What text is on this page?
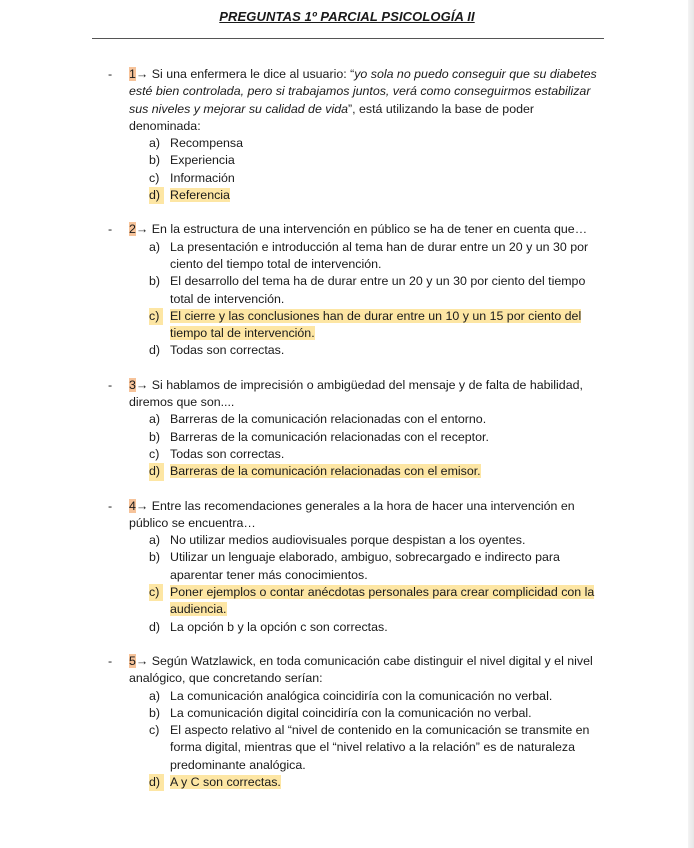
PREGUNTAS 1º PARCIAL PSICOLOGÍA II
- 1→ Si una enfermera le dice al usuario: “yo sola no puedo conseguir que su diabetes esté bien controlada, pero si trabajamos juntos, verá como conseguirmos estabilizar sus niveles y mejorar su calidad de vida”, está utilizando la base de poder denominada:
a) Recompensa
b) Experiencia
c) Información
d) Referencia
- 2→ En la estructura de una intervención en público se ha de tener en cuenta que…
a) La presentación e introducción al tema han de durar entre un 20 y un 30 por ciento del tiempo total de intervención.
b) El desarrollo del tema ha de durar entre un 20 y un 30 por ciento del tiempo total de intervención.
c) El cierre y las conclusiones han de durar entre un 10 y un 15 por ciento del tiempo tal de intervención.
d) Todas son correctas.
- 3→ Si hablamos de imprecisión o ambigüedad del mensaje y de falta de habilidad, diremos que son....
a) Barreras de la comunicación relacionadas con el entorno.
b) Barreras de la comunicación relacionadas con el receptor.
c) Todas son correctas.
d) Barreras de la comunicación relacionadas con el emisor.
- 4→ Entre las recomendaciones generales a la hora de hacer una intervención en público se encuentra…
a) No utilizar medios audiovisuales porque despistan a los oyentes.
b) Utilizar un lenguaje elaborado, ambiguo, sobrecargado e indirecto para aparentar tener más conocimientos.
c) Poner ejemplos o contar anécdotas personales para crear complicidad con la audiencia.
d) La opción b y la opción c son correctas.
- 5→ Según Watzlawick, en toda comunicación cabe distinguir el nivel digital y el nivel analógico, que concretando serían:
a) La comunicación analógica coincidiría con la comunicación no verbal.
b) La comunicación digital coincidiría con la comunicación no verbal.
c) El aspecto relativo al “nivel de contenido en la comunicación se transmite en forma digital, mientras que el “nivel relativo a la relación” es de naturaleza predominante analógica.
d) A y C son correctas.
